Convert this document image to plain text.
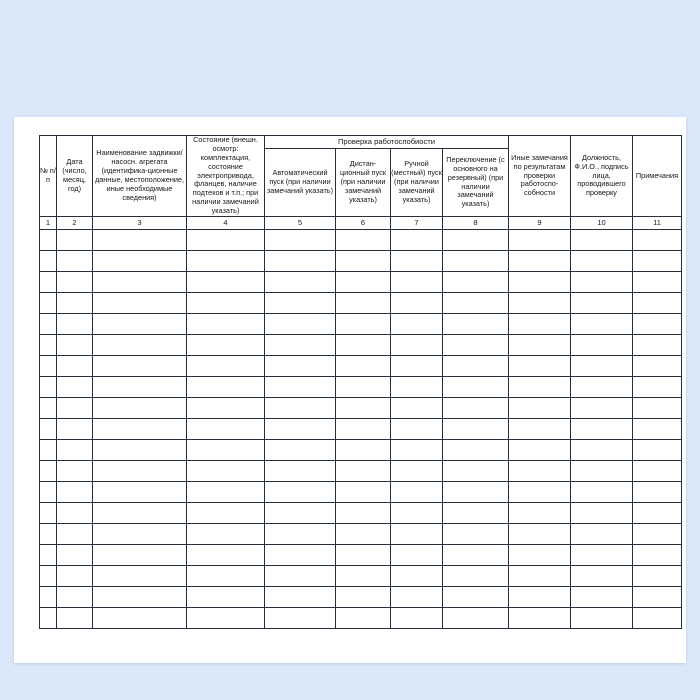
№ п/п	Дата (число, месяц, год)	Наименование задвижки/ насосн. агрегата (идентифика-ционные данные, местоположение, иные необходимые сведения)	Состояние (внешн. осмотр: комплектация, состояние электропривода, фланцев, наличие подтеков и т.п.; при наличии замечаний указать)	Проверка работоспобиости				Иные замечания по результатам проверки работоспо-собности	Должность, Ф.И.О., подпись лица, проводившего проверку	Примечания
				Автоматический пуск (при наличии замечаний указать)	Дистан-ционный пуск (при наличии замечаний указать)	Ручной (местный) пуск (при наличии замечаний указать)	Переключение (с основного на резервный) (при наличии замечаний указать)			
1	2	3	4	5	6	7	8	9	10	11
